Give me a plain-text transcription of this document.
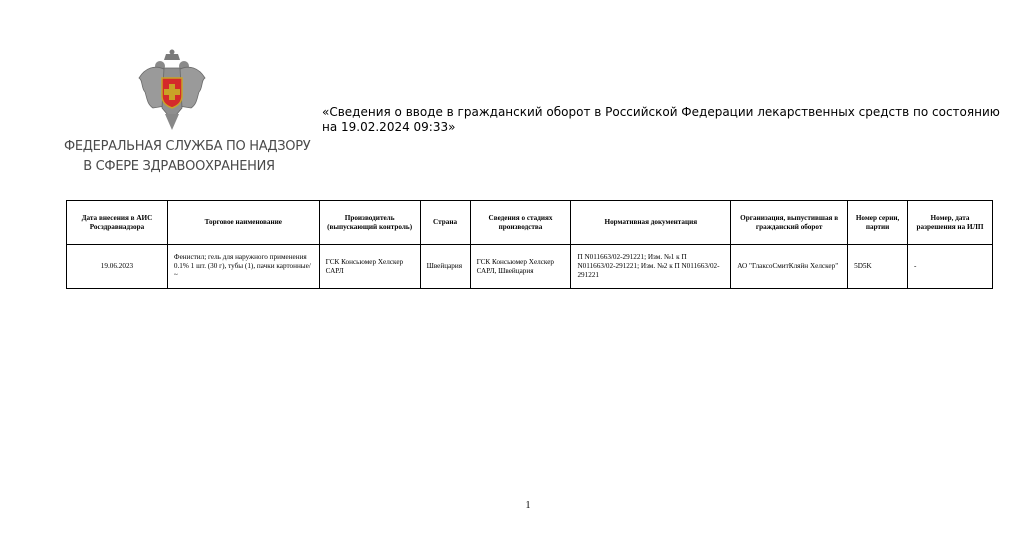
ФЕДЕРАЛЬНАЯ СЛУЖБА ПО НАДЗОРУ
В СФЕРЕ ЗДРАВООХРАНЕНИЯ
«Сведения о вводе в гражданский оборот в Российской Федерации лекарственных средств по состоянию на 19.02.2024 09:33»
Дата внесения в АИС Росздравнадзора	Торговое наименование	Производитель (выпускающий контроль)	Страна	Сведения о стадиях производства	Нормативная документация	Организация, выпустившая в гражданский оборот	Номер серии, партии	Номер, дата разрешения на ИЛП
19.06.2023	Фенистил; гель для наружного применения 0.1% 1 шт. (30 г), тубы (1), пачки картонные/ ~	ГСК Консьюмер Хелскер САРЛ	Швейцария	ГСК Консьюмер Хелскер САРЛ, Швейцария	П N011663/02-291221; Изм. №1 к П N011663/02-291221; Изм. №2 к П N011663/02-291221	АО "ГлаксоСмитКляйн Хелскер"	5D5K	-
1
